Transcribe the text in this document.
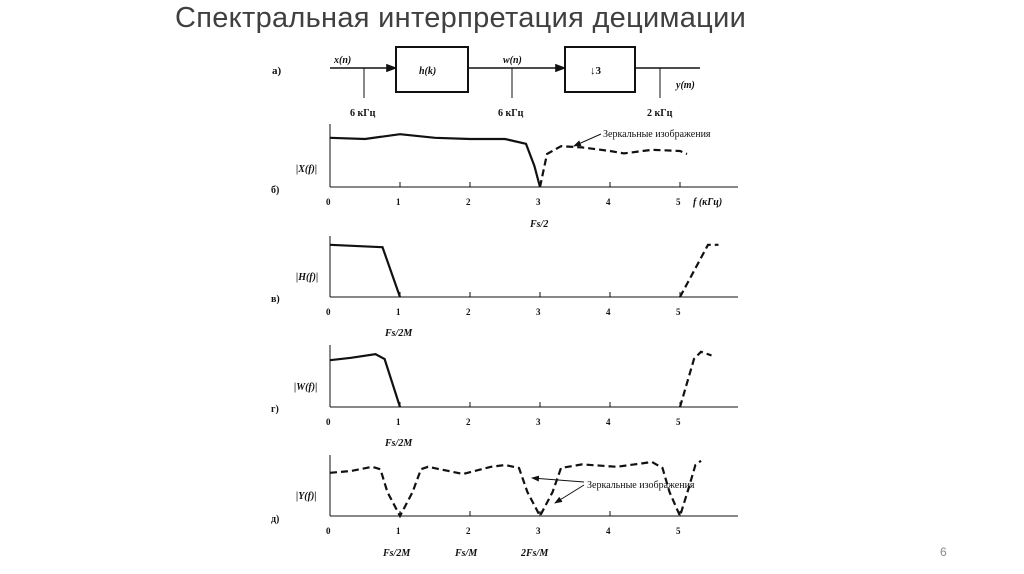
Спектральная интерпретация децимации
а)
x(n)
6 кГц
h(k)
w(n)
6 кГц
↓3
y(m)
2 кГц
б)
|X(f)|
0	1	2	3	4	5 f (кГц)
Fs/2
Зеркальные изображения
в)
|H(f)|
0	1	2	3	4	5
Fs/2M
г)
|W(f)|
0	1	2	3	4	5
Fs/2M
д)
|Y(f)|
0	1	2	3	4	5
Fs/2M	Fs/M	2Fs/M
Зеркальные изображения
6
